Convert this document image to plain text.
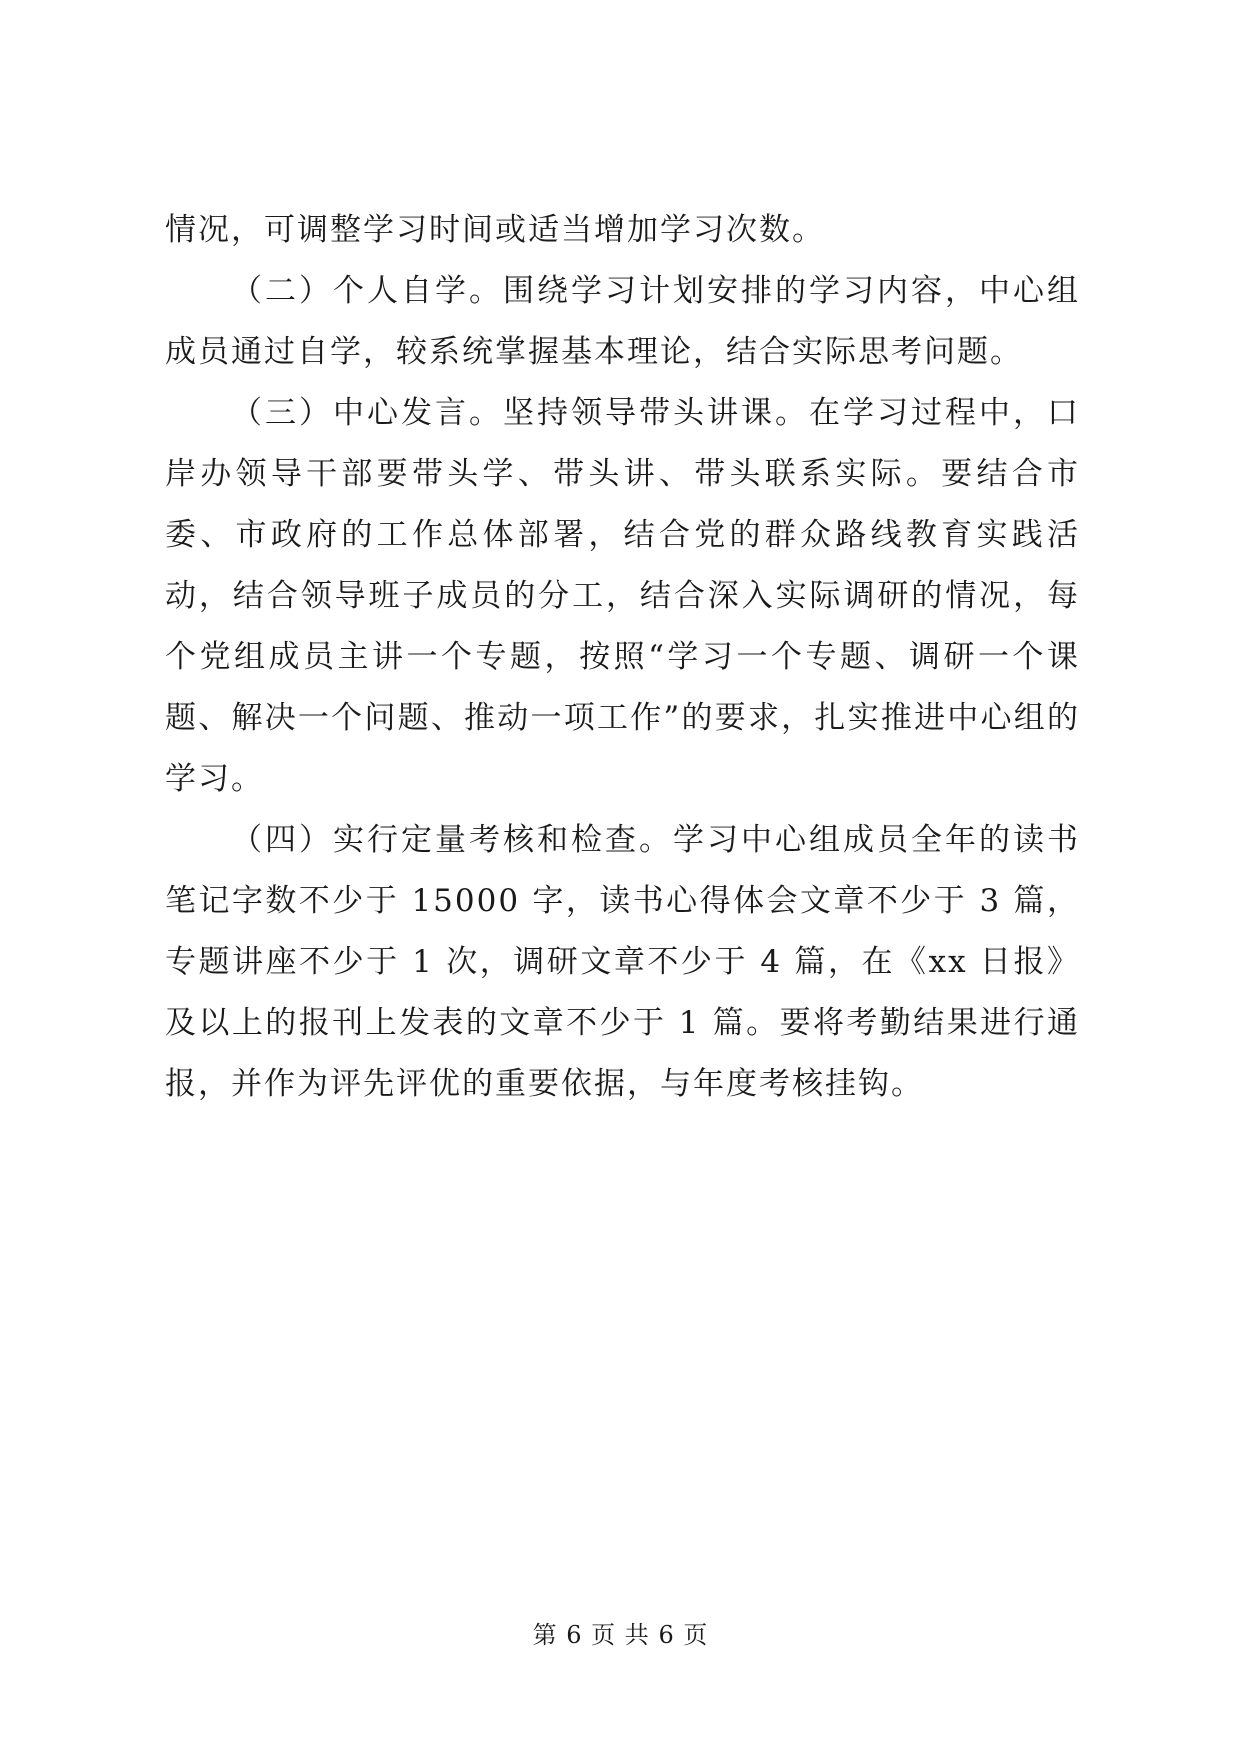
情况，可调整学习时间或适当增加学习次数。

（二）个人自学。围绕学习计划安排的学习内容，中心组成员通过自学，较系统掌握基本理论，结合实际思考问题。

（三）中心发言。坚持领导带头讲课。在学习过程中，口岸办领导干部要带头学、带头讲、带头联系实际。要结合市委、市政府的工作总体部署，结合党的群众路线教育实践活动，结合领导班子成员的分工，结合深入实际调研的情况，每个党组成员主讲一个专题，按照“学习一个专题、调研一个课题、解决一个问题、推动一项工作”的要求，扎实推进中心组的学习。

（四）实行定量考核和检查。学习中心组成员全年的读书笔记字数不少于 15000 字，读书心得体会文章不少于 3 篇，专题讲座不少于 1 次，调研文章不少于 4 篇，在《xx 日报》及以上的报刊上发表的文章不少于 1 篇。要将考勤结果进行通报，并作为评先评优的重要依据，与年度考核挂钩。

第 6 页 共 6 页
